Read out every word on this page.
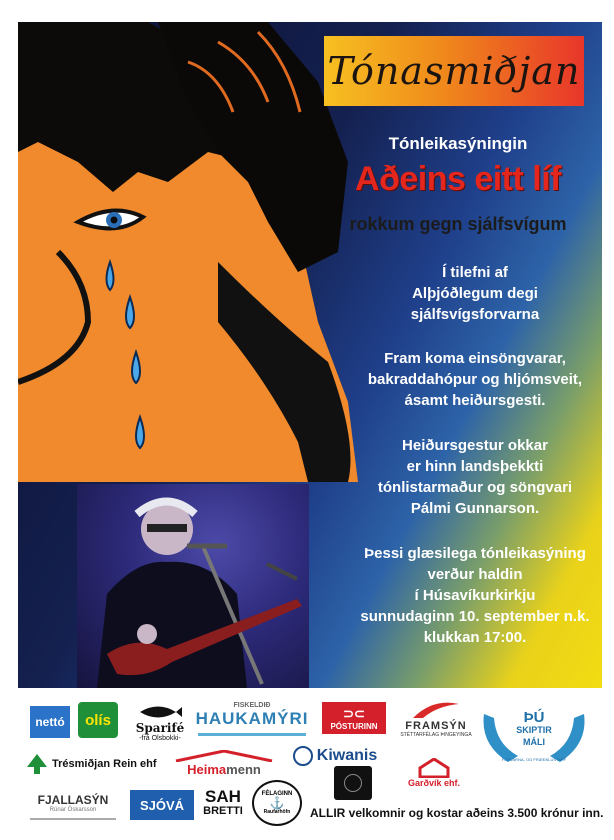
Tónasmiðjan
Tónleikasýningin
Aðeins eitt líf
rokkum gegn sjálfsvígum
Í tilefni af
Alþjóðlegum degi
sjálfsvígsforvarna
Fram koma einsöngvarar,
bakraddahópur og hljómsveit,
ásamt heiðursgesti.
Heiðursgestur okkar
er hinn landsþekkti
tónlistarmaður og söngvari
Pálmi Gunnarson.
Þessi glæsilega tónleikasýning
verður haldin
í Húsavíkurkirkju
sunnudaginn 10. september n.k.
klukkan 17:00.
nettó	olís	Sparifé
-frá Olsbokki-
FISKELDIÐ
HAUKAMÝRI	⊃⊂
PÓSTURINN	FRAMSÝN
STÉTTARFÉLAG ÞINGEYINGA
ÞÚ
SKIPTIR
MÁLI
FORVARNA- OG FRÆÐSLUSTARF
Trésmiðjan Rein ehf Heimamenn
Kiwanis
Garðvík ehf.
FJALLASÝN
Rúnar Óskarsson	SJÓVÁ	SAH
BRETTI
FÉLAGINN
⚓
Raufarhöfn ALLIR velkomnir og kostar aðeins 3.500 krónur inn.
